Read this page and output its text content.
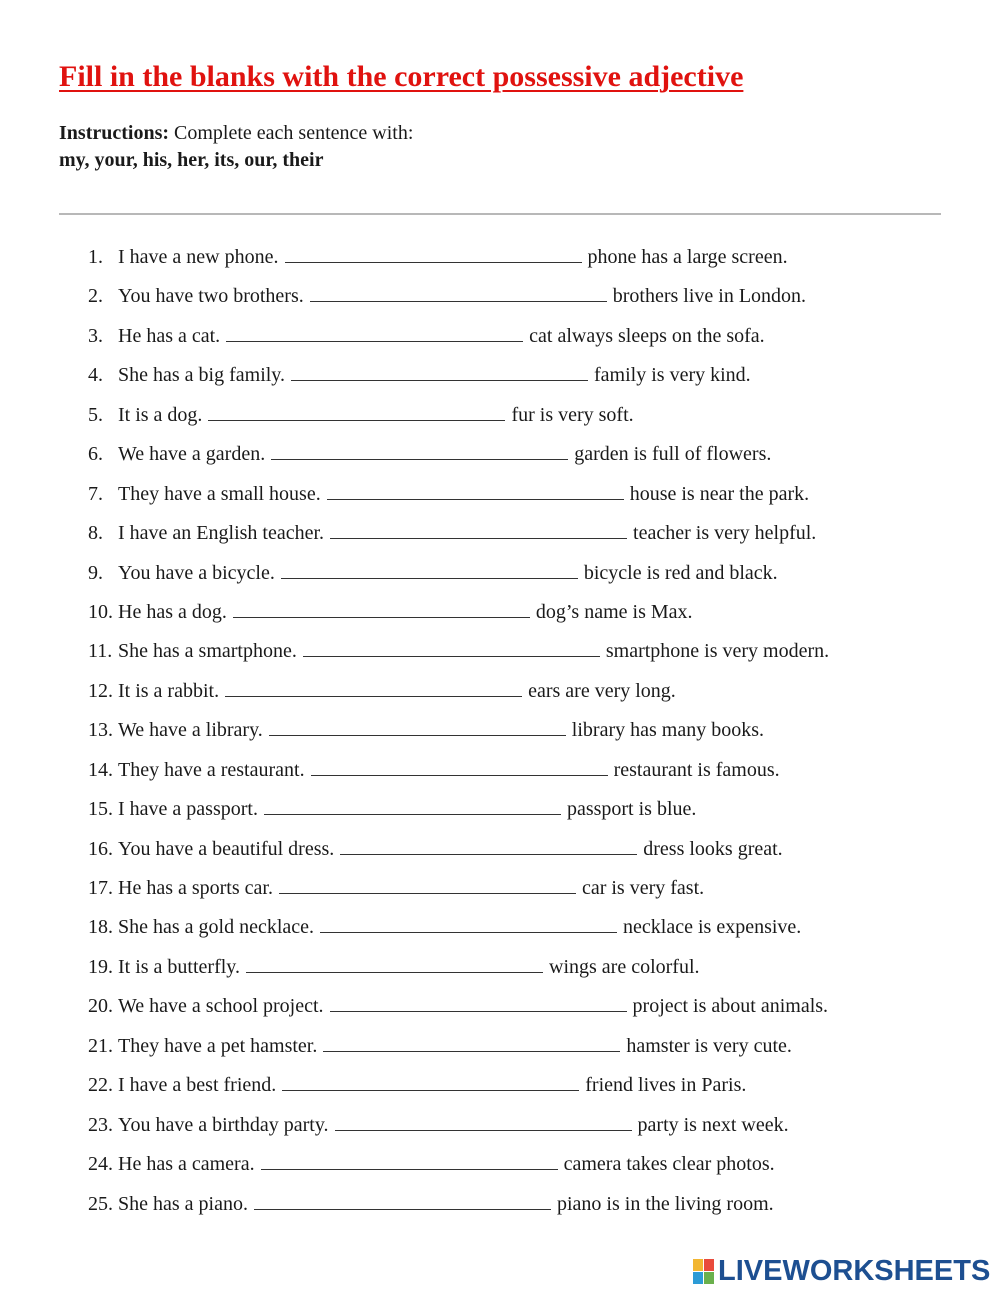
Fill in the blanks with the correct possessive adjective
Instructions: Complete each sentence with:
my, your, his, her, its, our, their
1. I have a new phone.	phone has a large screen.
2. You have two brothers.	brothers live in London.
3. He has a cat.	cat always sleeps on the sofa.
4. She has a big family.	family is very kind.
5. It is a dog.	fur is very soft.
6. We have a garden.	garden is full of flowers.
7. They have a small house.	house is near the park.
8. I have an English teacher.	teacher is very helpful.
9. You have a bicycle.	bicycle is red and black.
10. He has a dog.	dog’s name is Max.
11. She has a smartphone.	smartphone is very modern.
12. It is a rabbit.	ears are very long.
13. We have a library.	library has many books.
14. They have a restaurant.	restaurant is famous.
15. I have a passport.	passport is blue.
16. You have a beautiful dress.	dress looks great.
17. He has a sports car.	car is very fast.
18. She has a gold necklace.	necklace is expensive.
19. It is a butterfly.	wings are colorful.
20. We have a school project.	project is about animals.
21. They have a pet hamster.	hamster is very cute.
22. I have a best friend.	friend lives in Paris.
23. You have a birthday party.	party is next week.
24. He has a camera.	camera takes clear photos.
25. She has a piano.	piano is in the living room.
LIVEWORKSHEETS
